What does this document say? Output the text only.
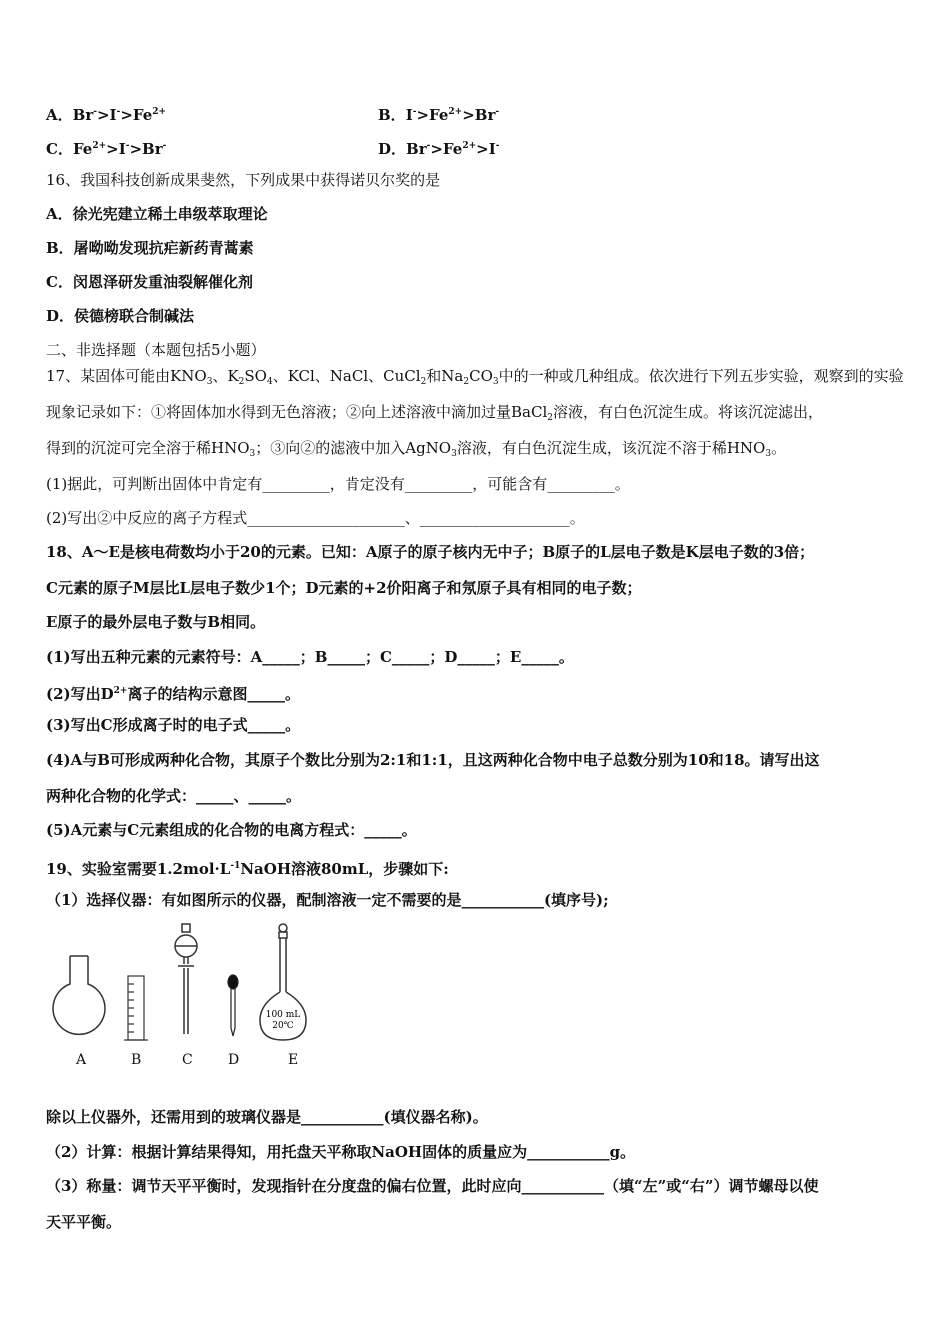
A．$Br^->I^->Fe^{2+}$	B．$I^->Fe^{2+}>Br^-$
C．$Fe^{2+}>I^->Br^-$	D．$Br^->Fe^{2+}>I^-$
16、我国科技创新成果斐然，下列成果中获得诺贝尔奖的是
A．徐光宪建立稀土串级萃取理论
B．屠呦呦发现抗疟新药青蒿素
C．闵恩泽研发重油裂解催化剂
D．侯德榜联合制碱法
二、非选择题（本题包括5小题）
17、某固体可能由$KNO_3$、$K_2SO_4$、KCl、NaCl、CuCl$_2$和$Na_2CO_3$中的一种或几种组成。依次进行下列五步实验，观察到的实验
现象记录如下：①将固体加水得到无色溶液；②向上述溶液中滴加过量BaCl$_2$溶液，有白色沉淀生成。将该沉淀滤出，
得到的沉淀可完全溶于稀$HNO_3$；③向②的滤液中加入AgNO$_3$溶液，有白色沉淀生成，该沉淀不溶于稀$HNO_3$。
(1)据此，可判断出固体中肯定有_________，肯定没有_________，可能含有_________。
(2)写出②中反应的离子方程式_____________________、____________________。
18、A～E是核电荷数均小于20的元素。已知：A原子的原子核内无中子；B原子的L层电子数是K层电子数的3倍；
C元素的原子M层比L层电子数少1个；D元素的+2价阳离子和氖原子具有相同的电子数；
E原子的最外层电子数与B相同。
(1)写出五种元素的元素符号：A_____；B_____；C_____；D_____；E_____。
(2)写出$D^{2+}$离子的结构示意图_____。
(3)写出C形成离子时的电子式_____。
(4)A与B可形成两种化合物，其原子个数比分别为2:1和1:1，且这两种化合物中电子总数分别为10和18。请写出这
两种化合物的化学式：_____、_____。
(5)A元素与C元素组成的化合物的电离方程式：_____。
19、实验室需要$1.2mol\cdot L^{-1}NaOH$溶液80mL，步骤如下:
（1）选择仪器：有如图所示的仪器，配制溶液一定不需要的是___________(填序号);
100 mL
20℃
A	B	C	D	E
除以上仪器外，还需用到的玻璃仪器是___________(填仪器名称)。
（2）计算：根据计算结果得知，用托盘天平称取NaOH固体的质量应为___________g。
（3）称量：调节天平平衡时，发现指针在分度盘的偏右位置，此时应向___________（填“左”或“右”）调节螺母以使
天平平衡。
